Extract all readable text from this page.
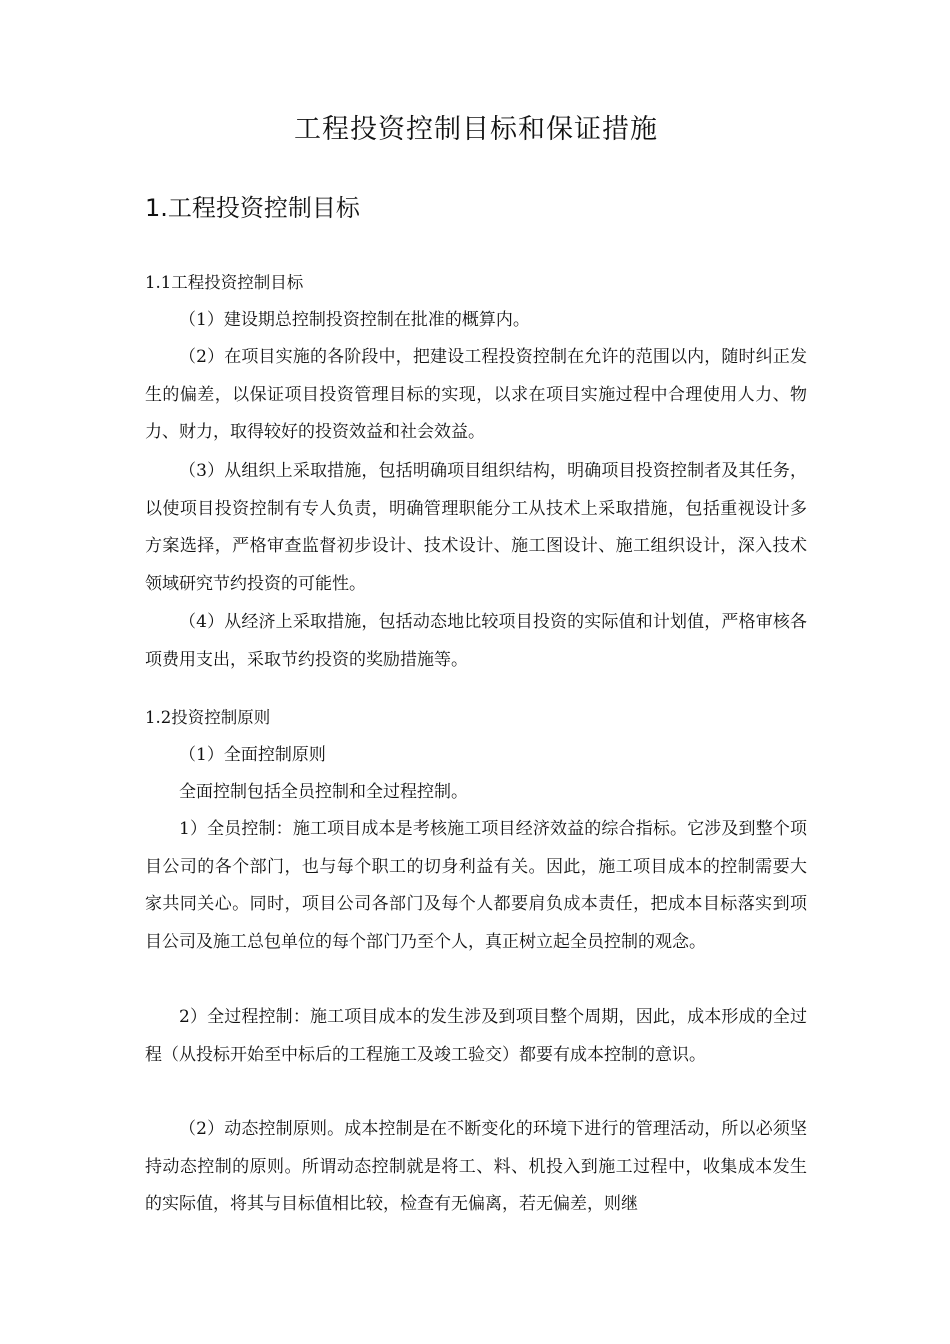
工程投资控制目标和保证措施
1.工程投资控制目标
1.1工程投资控制目标

（1）建设期总控制投资控制在批准的概算内。

（2）在项目实施的各阶段中，把建设工程投资控制在允许的范围以内，随时纠正发生的偏差，以保证项目投资管理目标的实现，以求在项目实施过程中合理使用人力、物力、财力，取得较好的投资效益和社会效益。

（3）从组织上采取措施，包括明确项目组织结构，明确项目投资控制者及其任务，以使项目投资控制有专人负责，明确管理职能分工从技术上采取措施，包括重视设计多方案选择，严格审查监督初步设计、技术设计、施工图设计、施工组织设计，深入技术领域研究节约投资的可能性。

（4）从经济上采取措施，包括动态地比较项目投资的实际值和计划值，严格审核各项费用支出，采取节约投资的奖励措施等。

1.2投资控制原则

（1）全面控制原则

全面控制包括全员控制和全过程控制。

1）全员控制：施工项目成本是考核施工项目经济效益的综合指标。它涉及到整个项目公司的各个部门，也与每个职工的切身利益有关。因此，施工项目成本的控制需要大家共同关心。同时，项目公司各部门及每个人都要肩负成本责任，把成本目标落实到项目公司及施工总包单位的每个部门乃至个人，真正树立起全员控制的观念。

2）全过程控制：施工项目成本的发生涉及到项目整个周期，因此，成本形成的全过程（从投标开始至中标后的工程施工及竣工验交）都要有成本控制的意识。

（2）动态控制原则。成本控制是在不断变化的环境下进行的管理活动，所以必须坚持动态控制的原则。所谓动态控制就是将工、料、机投入到施工过程中，收集成本发生的实际值，将其与目标值相比较，检查有无偏离，若无偏差，则继
